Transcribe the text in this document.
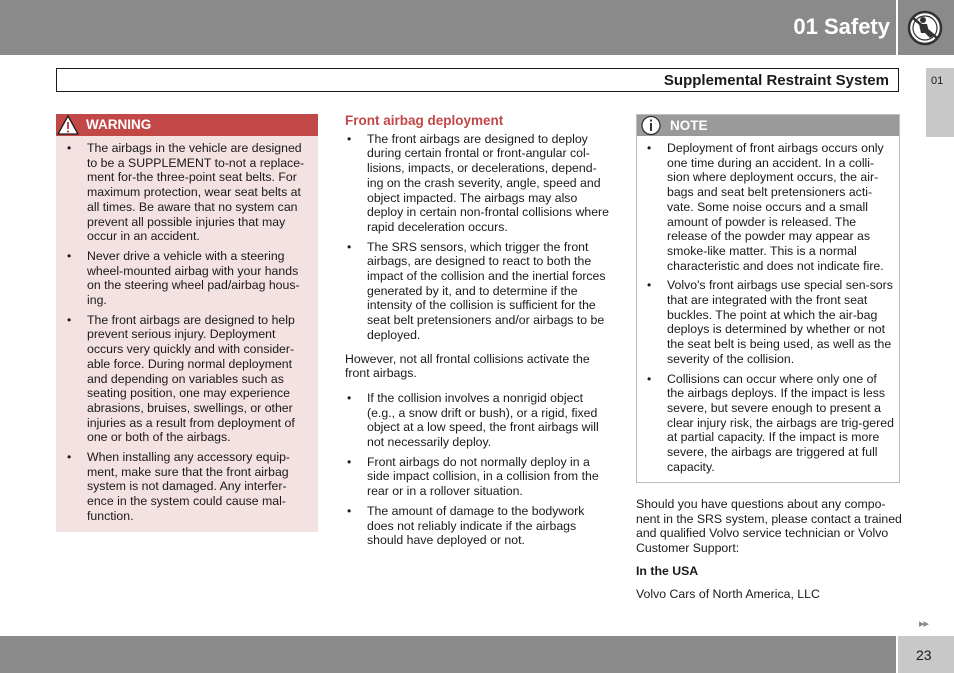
01 Safety
Supplemental Restraint System	01
WARNING
• The airbags in the vehicle are designed to be a SUPPLEMENT to-not a replace-ment for-the three-point seat belts. For maximum protection, wear seat belts at all times. Be aware that no system can prevent all possible injuries that may occur in an accident.
• Never drive a vehicle with a steering wheel-mounted airbag with your hands on the steering wheel pad/airbag hous-ing.
• The front airbags are designed to help prevent serious injury. Deployment occurs very quickly and with consider-able force. During normal deployment and depending on variables such as seating position, one may experience abrasions, bruises, swellings, or other injuries as a result from deployment of one or both of the airbags.
• When installing any accessory equip-ment, make sure that the front airbag system is not damaged. Any interfer-ence in the system could cause mal-function.
Front airbag deployment
• The front airbags are designed to deploy during certain frontal or front-angular col-lisions, impacts, or decelerations, depend-ing on the crash severity, angle, speed and object impacted. The airbags may also deploy in certain non-frontal collisions where rapid deceleration occurs.
• The SRS sensors, which trigger the front airbags, are designed to react to both the impact of the collision and the inertial forces generated by it, and to determine if the intensity of the collision is sufficient for the seat belt pretensioners and/or airbags to be deployed.

However, not all frontal collisions activate the front airbags.

• If the collision involves a nonrigid object (e.g., a snow drift or bush), or a rigid, fixed object at a low speed, the front airbags will not necessarily deploy.
• Front airbags do not normally deploy in a side impact collision, in a collision from the rear or in a rollover situation.
• The amount of damage to the bodywork does not reliably indicate if the airbags should have deployed or not.
NOTE
• Deployment of front airbags occurs only one time during an accident. In a colli-sion where deployment occurs, the air-bags and seat belt pretensioners acti-vate. Some noise occurs and a small amount of powder is released. The release of the powder may appear as smoke-like matter. This is a normal characteristic and does not indicate fire.
• Volvo's front airbags use special sen-sors that are integrated with the front seat buckles. The point at which the air-bag deploys is determined by whether or not the seat belt is being used, as well as the severity of the collision.
• Collisions can occur where only one of the airbags deploys. If the impact is less severe, but severe enough to present a clear injury risk, the airbags are trig-gered at partial capacity. If the impact is more severe, the airbags are triggered at full capacity.

Should you have questions about any compo-nent in the SRS system, please contact a trained and qualified Volvo service technician or Volvo Customer Support:

In the USA

Volvo Cars of North America, LLC

▸▸
23
